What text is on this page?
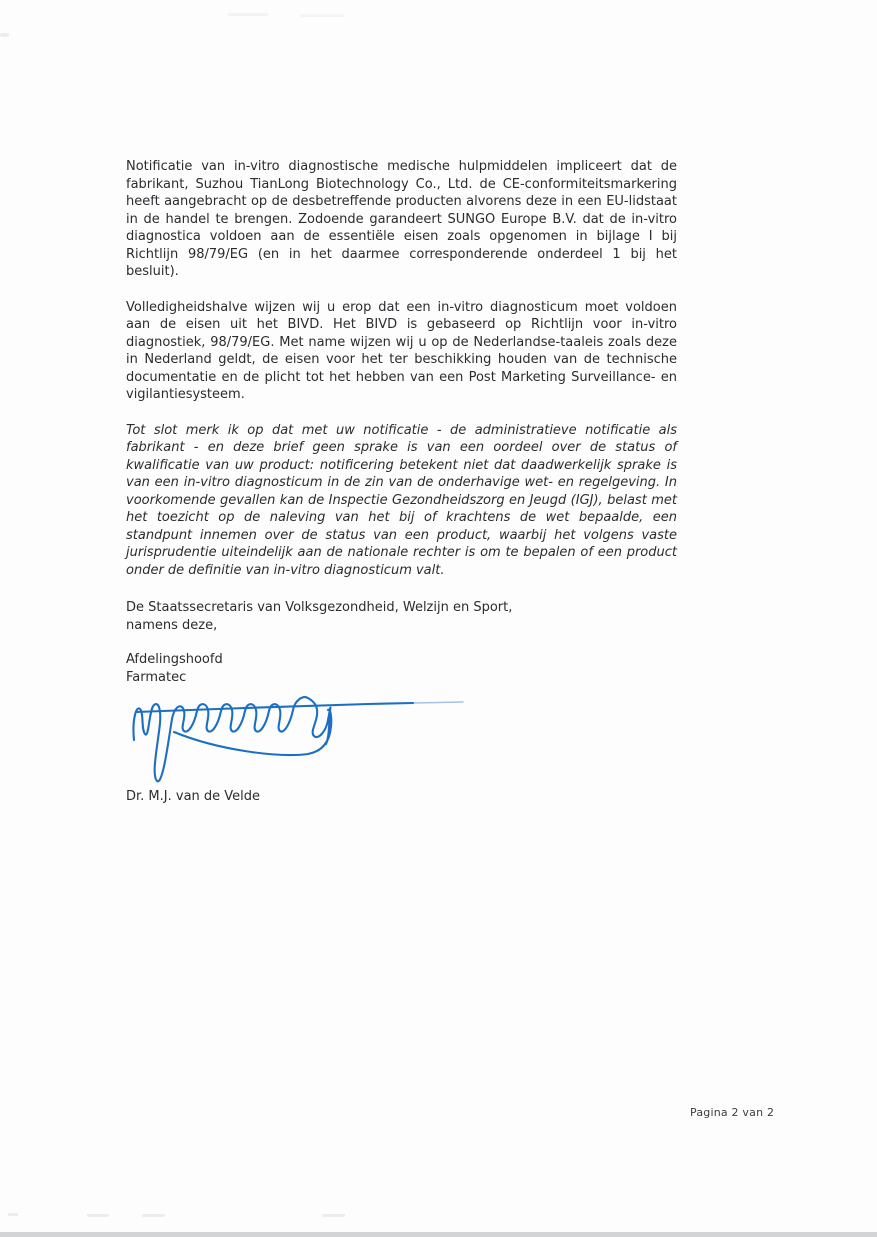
Notificatie van in-vitro diagnostische medische hulpmiddelen impliceert dat de fabrikant, Suzhou TianLong Biotechnology Co., Ltd. de CE-conformiteitsmarkering heeft aangebracht op de desbetreffende producten alvorens deze in een EU-lidstaat in de handel te brengen. Zodoende garandeert SUNGO Europe B.V. dat de in-vitro diagnostica voldoen aan de essentiële eisen zoals opgenomen in bijlage I bij Richtlijn 98/79/EG (en in het daarmee corresponderende onderdeel 1 bij het besluit).

Volledigheidshalve wijzen wij u erop dat een in-vitro diagnosticum moet voldoen aan de eisen uit het BIVD. Het BIVD is gebaseerd op Richtlijn voor in-vitro diagnostiek, 98/79/EG. Met name wijzen wij u op de Nederlandse-taaleis zoals deze in Nederland geldt, de eisen voor het ter beschikking houden van de technische documentatie en de plicht tot het hebben van een Post Marketing Surveillance- en vigilantiesysteem.

Tot slot merk ik op dat met uw notificatie - de administratieve notificatie als fabrikant - en deze brief geen sprake is van een oordeel over de status of kwalificatie van uw product: notificering betekent niet dat daadwerkelijk sprake is van een in-vitro diagnosticum in de zin van de onderhavige wet- en regelgeving. In voorkomende gevallen kan de Inspectie Gezondheidszorg en Jeugd (IGJ), belast met het toezicht op de naleving van het bij of krachtens de wet bepaalde, een standpunt innemen over de status van een product, waarbij het volgens vaste jurisprudentie uiteindelijk aan de nationale rechter is om te bepalen of een product onder de definitie van in-vitro diagnosticum valt.

De Staatssecretaris van Volksgezondheid, Welzijn en Sport,
namens deze,
Afdelingshoofd
Farmatec
Dr. M.J. van de Velde
Pagina 2 van 2
